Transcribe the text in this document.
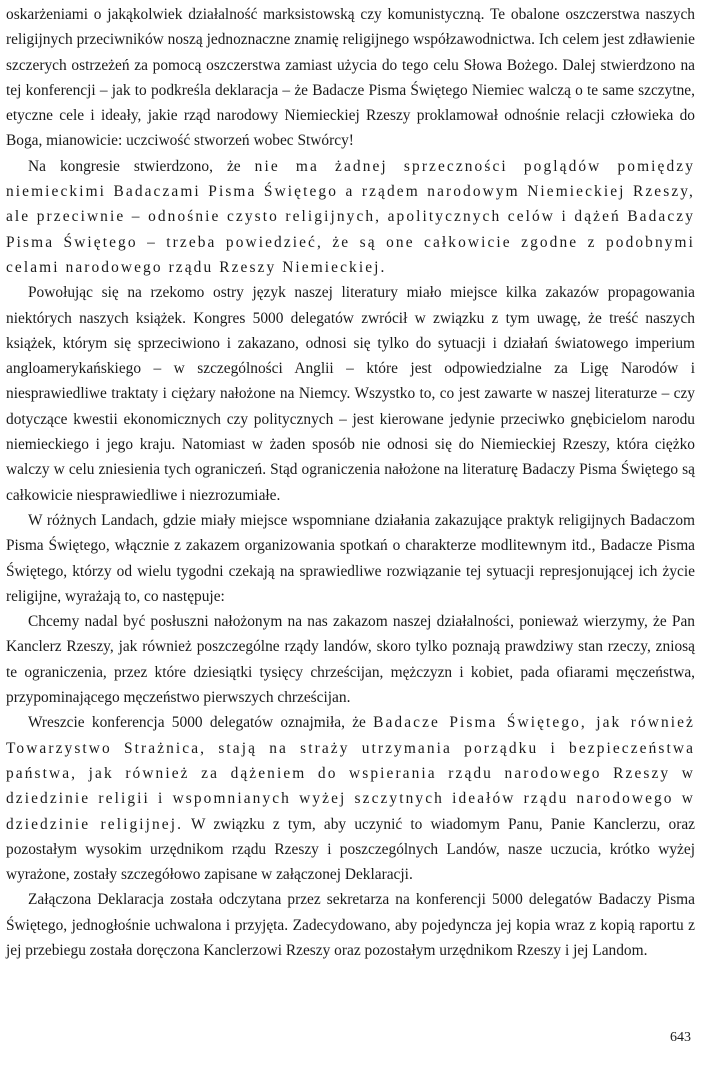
oskarżeniami o jakąkolwiek działalność marksistowską czy komunistyczną. Te obalone oszczerstwa naszych religijnych przeciwników noszą jednoznaczne znamię religijnego współzawodnictwa. Ich celem jest zdławienie szczerych ostrzeżeń za pomocą oszczerstwa zamiast użycia do tego celu Słowa Bożego. Dalej stwierdzono na tej konferencji – jak to podkreśla deklaracja – że Badacze Pisma Świętego Niemiec walczą o te same szczytne, etyczne cele i ideały, jakie rząd narodowy Niemieckiej Rzeszy proklamował odnośnie relacji człowieka do Boga, mianowicie: uczciwość stworzeń wobec Stwórcy!

Na kongresie stwierdzono, że nie ma żadnej sprzeczności poglądów pomiędzy niemieckimi Badaczami Pisma Świętego a rządem narodowym Niemieckiej Rzeszy, ale przeciwnie – odnośnie czysto religijnych, apolitycznych celów i dążeń Badaczy Pisma Świętego – trzeba powiedzieć, że są one całkowicie zgodne z podobnymi celami narodowego rządu Rzeszy Niemieckiej.

Powołując się na rzekomo ostry język naszej literatury miało miejsce kilka zakazów propagowania niektórych naszych książek. Kongres 5000 delegatów zwrócił w związku z tym uwagę, że treść naszych książek, którym się sprzeciwiono i zakazano, odnosi się tylko do sytuacji i działań światowego imperium angloamerykańskiego – w szczególności Anglii – które jest odpowiedzialne za Ligę Narodów i niesprawiedliwe traktaty i ciężary nałożone na Niemcy. Wszystko to, co jest zawarte w naszej literaturze – czy dotyczące kwestii ekonomicznych czy politycznych – jest kierowane jedynie przeciwko gnębicielom narodu niemieckiego i jego kraju. Natomiast w żaden sposób nie odnosi się do Niemieckiej Rzeszy, która ciężko walczy w celu zniesienia tych ograniczeń. Stąd ograniczenia nałożone na literaturę Badaczy Pisma Świętego są całkowicie niesprawiedliwe i niezrozumiałe.

W różnych Landach, gdzie miały miejsce wspomniane działania zakazujące praktyk religijnych Badaczom Pisma Świętego, włącznie z zakazem organizowania spotkań o charakterze modlitewnym itd., Badacze Pisma Świętego, którzy od wielu tygodni czekają na sprawiedliwe rozwiązanie tej sytuacji represjonującej ich życie religijne, wyrażają to, co następuje:

Chcemy nadal być posłuszni nałożonym na nas zakazom naszej działalności, ponieważ wierzymy, że Pan Kanclerz Rzeszy, jak również poszczególne rządy landów, skoro tylko poznają prawdziwy stan rzeczy, zniosą te ograniczenia, przez które dziesiątki tysięcy chrześcijan, mężczyzn i kobiet, pada ofiarami męczeństwa, przypominającego męczeństwo pierwszych chrześcijan.

Wreszcie konferencja 5000 delegatów oznajmiła, że Badacze Pisma Świętego, jak również Towarzystwo Strażnica, stają na straży utrzymania porządku i bezpieczeństwa państwa, jak również za dążeniem do wspierania rządu narodowego Rzeszy w dziedzinie religii i wspomnianych wyżej szczytnych ideałów rządu narodowego w dziedzinie religijnej. W związku z tym, aby uczynić to wiadomym Panu, Panie Kanclerzu, oraz pozostałym wysokim urzędnikom rządu Rzeszy i poszczególnych Landów, nasze uczucia, krótko wyżej wyrażone, zostały szczegółowo zapisane w załączonej Deklaracji.

Załączona Deklaracja została odczytana przez sekretarza na konferencji 5000 delegatów Badaczy Pisma Świętego, jednogłośnie uchwalona i przyjęta. Zadecydowano, aby pojedyncza jej kopia wraz z kopią raportu z jej przebiegu została doręczona Kanclerzowi Rzeszy oraz pozostałym urzędnikom Rzeszy i jej Landom.

643
